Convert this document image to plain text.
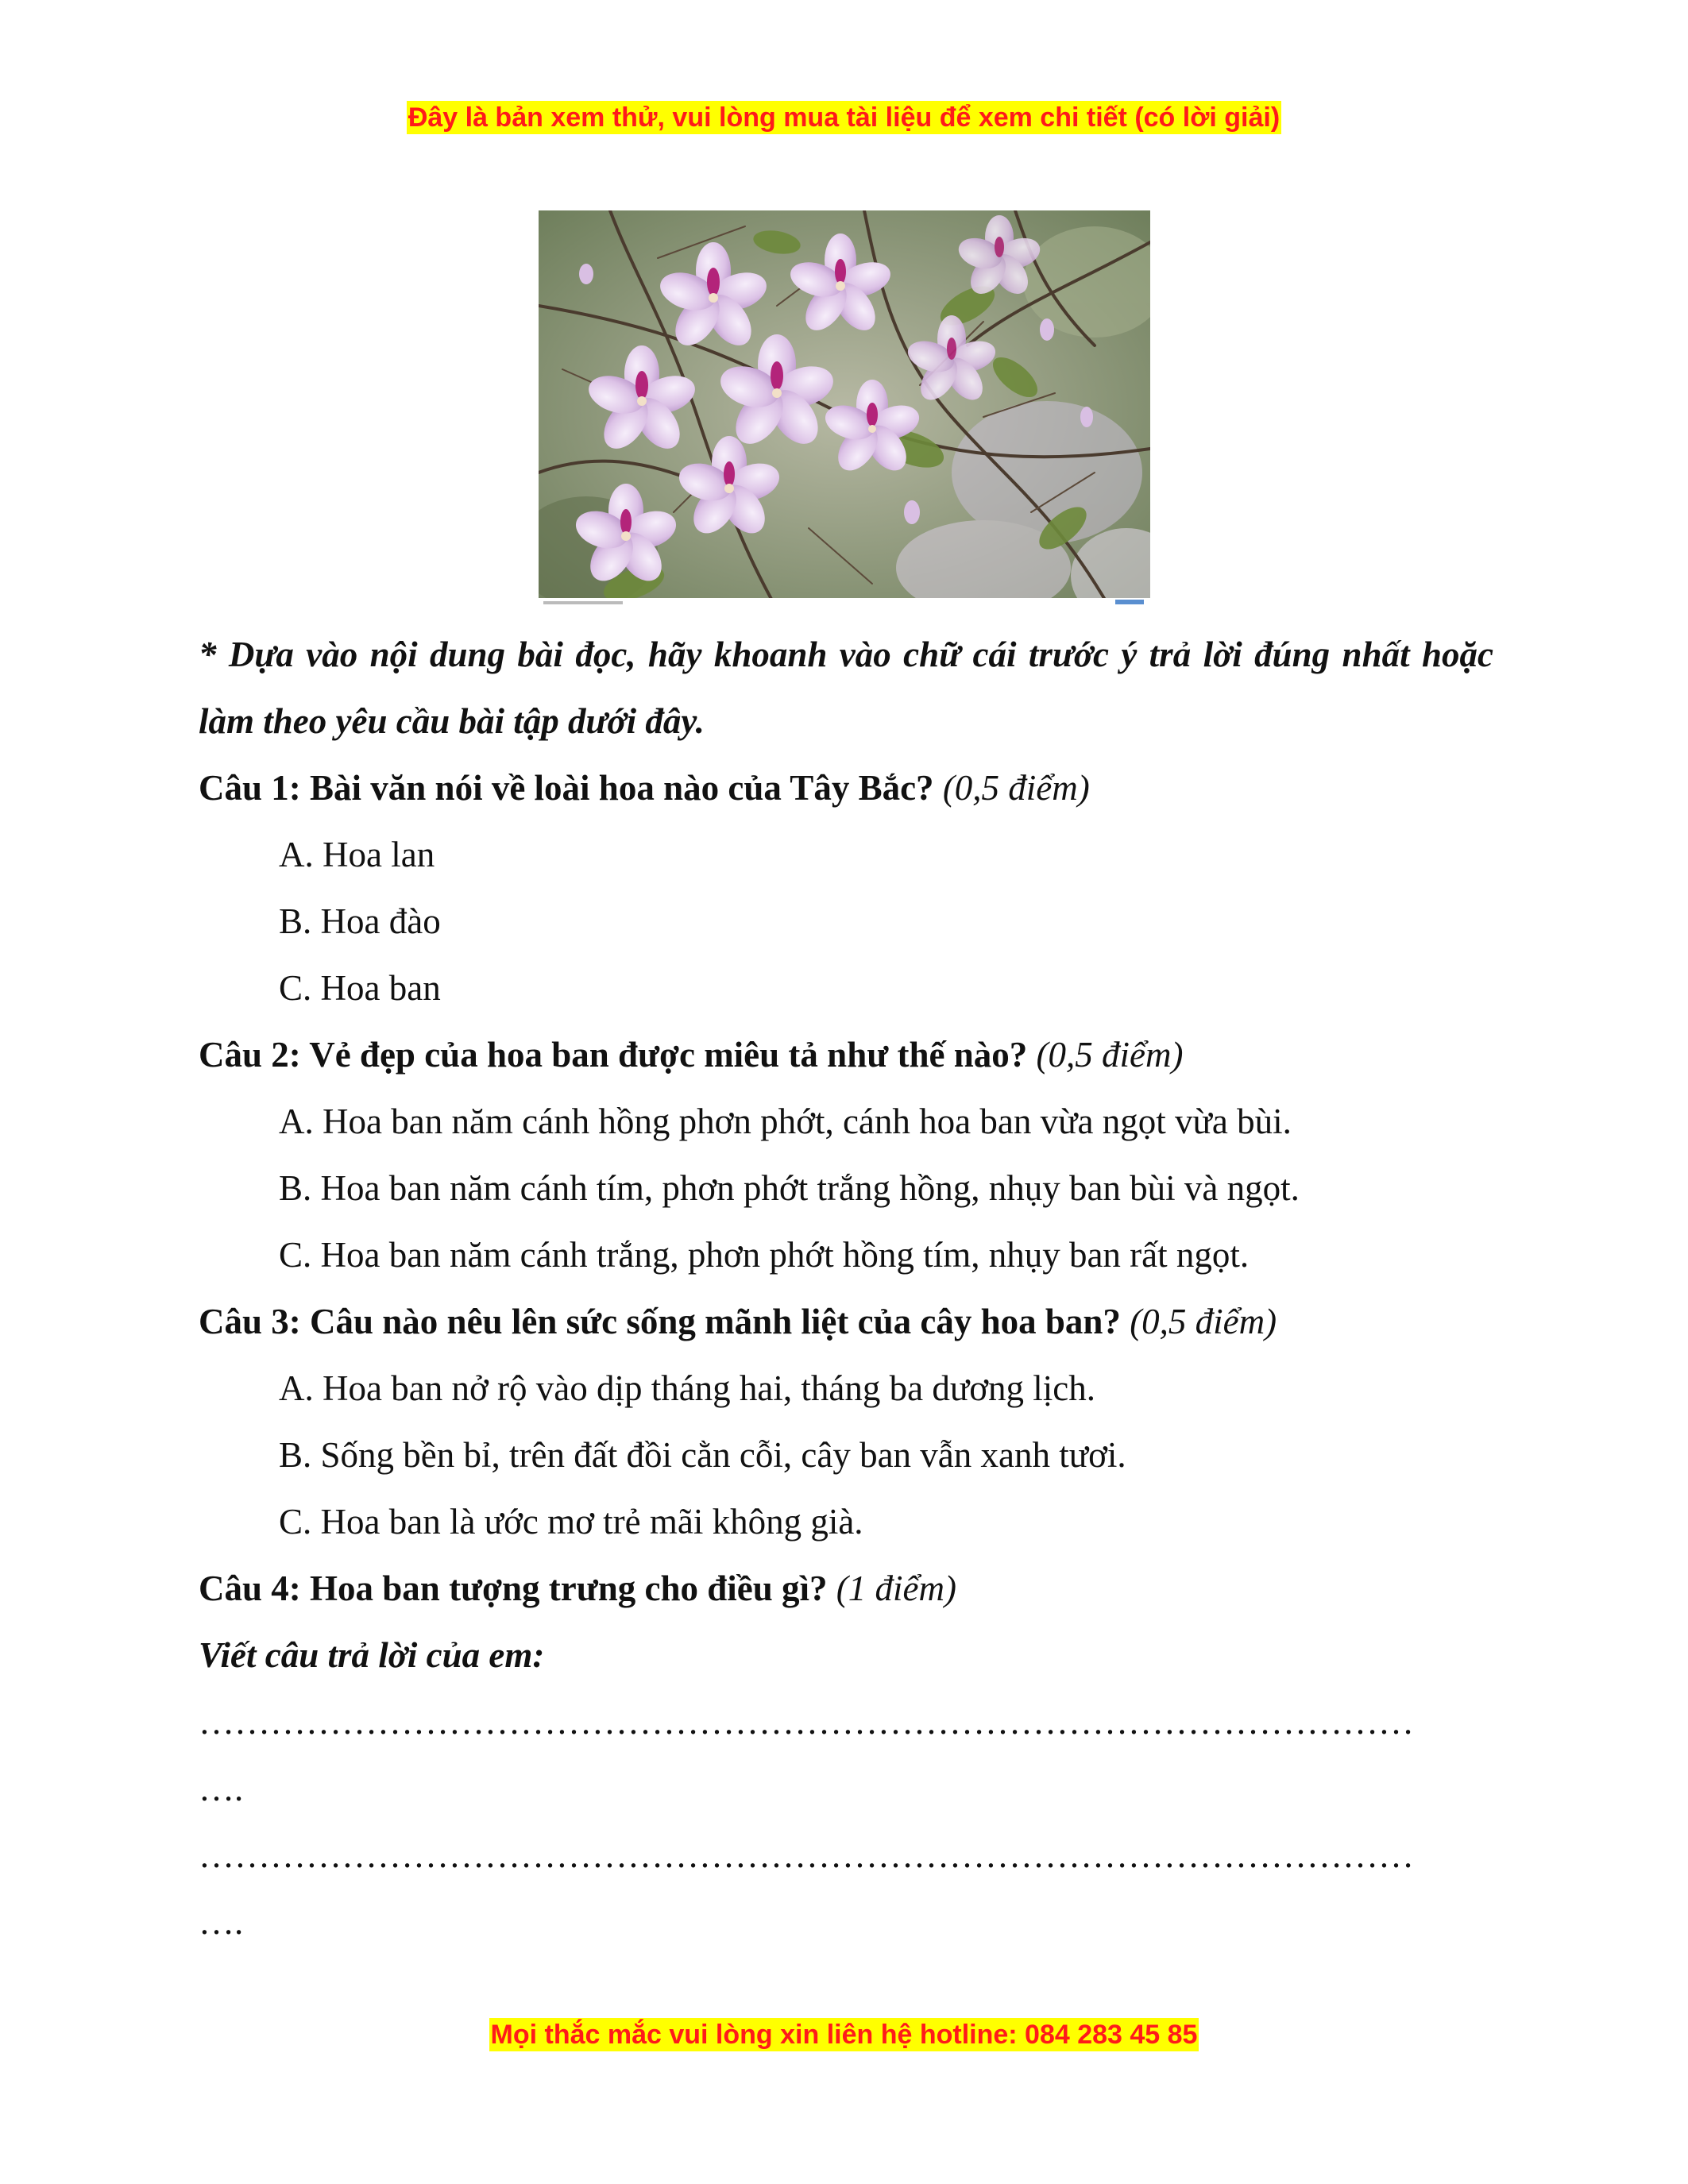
Đây là bản xem thử, vui lòng mua tài liệu để xem chi tiết (có lời giải)

* Dựa vào nội dung bài đọc, hãy khoanh vào chữ cái trước ý trả lời đúng nhất hoặc làm theo yêu cầu bài tập dưới đây.

Câu 1: Bài văn nói về loài hoa nào của Tây Bắc? (0,5 điểm)

A. Hoa lan

B. Hoa đào

C. Hoa ban

Câu 2: Vẻ đẹp của hoa ban được miêu tả như thế nào? (0,5 điểm)

A. Hoa ban năm cánh hồng phơn phớt, cánh hoa ban vừa ngọt vừa bùi.

B. Hoa ban năm cánh tím, phơn phớt trắng hồng, nhụy ban bùi và ngọt.

C. Hoa ban năm cánh trắng, phơn phớt hồng tím, nhụy ban rất ngọt.

Câu 3: Câu nào nêu lên sức sống mãnh liệt của cây hoa ban? (0,5 điểm)

A. Hoa ban nở rộ vào dịp tháng hai, tháng ba dương lịch.

B. Sống bền bỉ, trên đất đồi cằn cỗi, cây ban vẫn xanh tươi.

C. Hoa ban là ước mơ trẻ mãi không già.

Câu 4: Hoa ban tượng trưng cho điều gì? (1 điểm)

Viết câu trả lời của em:

…………………………………………………………………………………………

….

…………………………………………………………………………………………

….

Mọi thắc mắc vui lòng xin liên hệ hotline: 084 283 45 85
